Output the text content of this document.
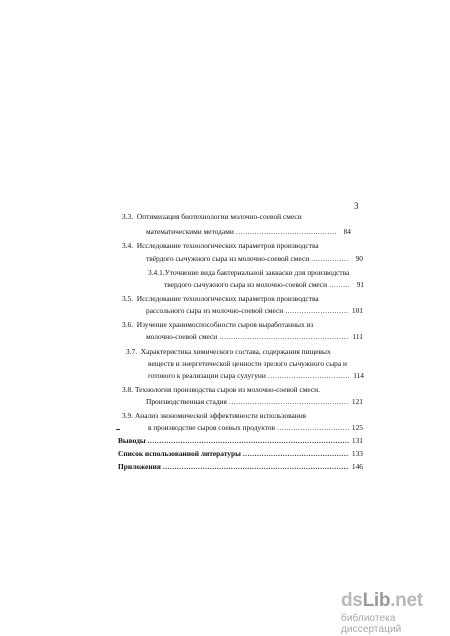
3
3.3.
Оптимизация биотехнологии молочно-соевой смеси
математическими методами .....	84
3.4.
Исследование технологических параметров производства
твёрдого сычужного сыра из молочно-соевой смеси .....	90
3.4.1. Уточнение вида бактериальной закваски для производства
твердого сычужного сыра из молочно-соевой смеси .....	91
3.5.
Исследование технологических параметров производства
рассольного сыра из молочно-соевой смеси .....	101
3.6.
Изучение хранимоспособности сыров выработанных из
молочно-соевой смеси .....	111
3.7.
Характеристика химического состава, содержания пищевых
веществ и энергетической ценности зрелого сычужного сыра и
готового к реализации сыра сулугуни .....	114
3.8.
Технология производства сыров из молочно-соевой смеси.
Производственная стадия .....	121
3.9.
Анализ экономической эффективности использования
в производстве сыров соевых продуктов .....	125
Выводы .....	131
Список использованной литературы .....	133
Приложения .....	146
dsLib.net
библиотека диссертаций
